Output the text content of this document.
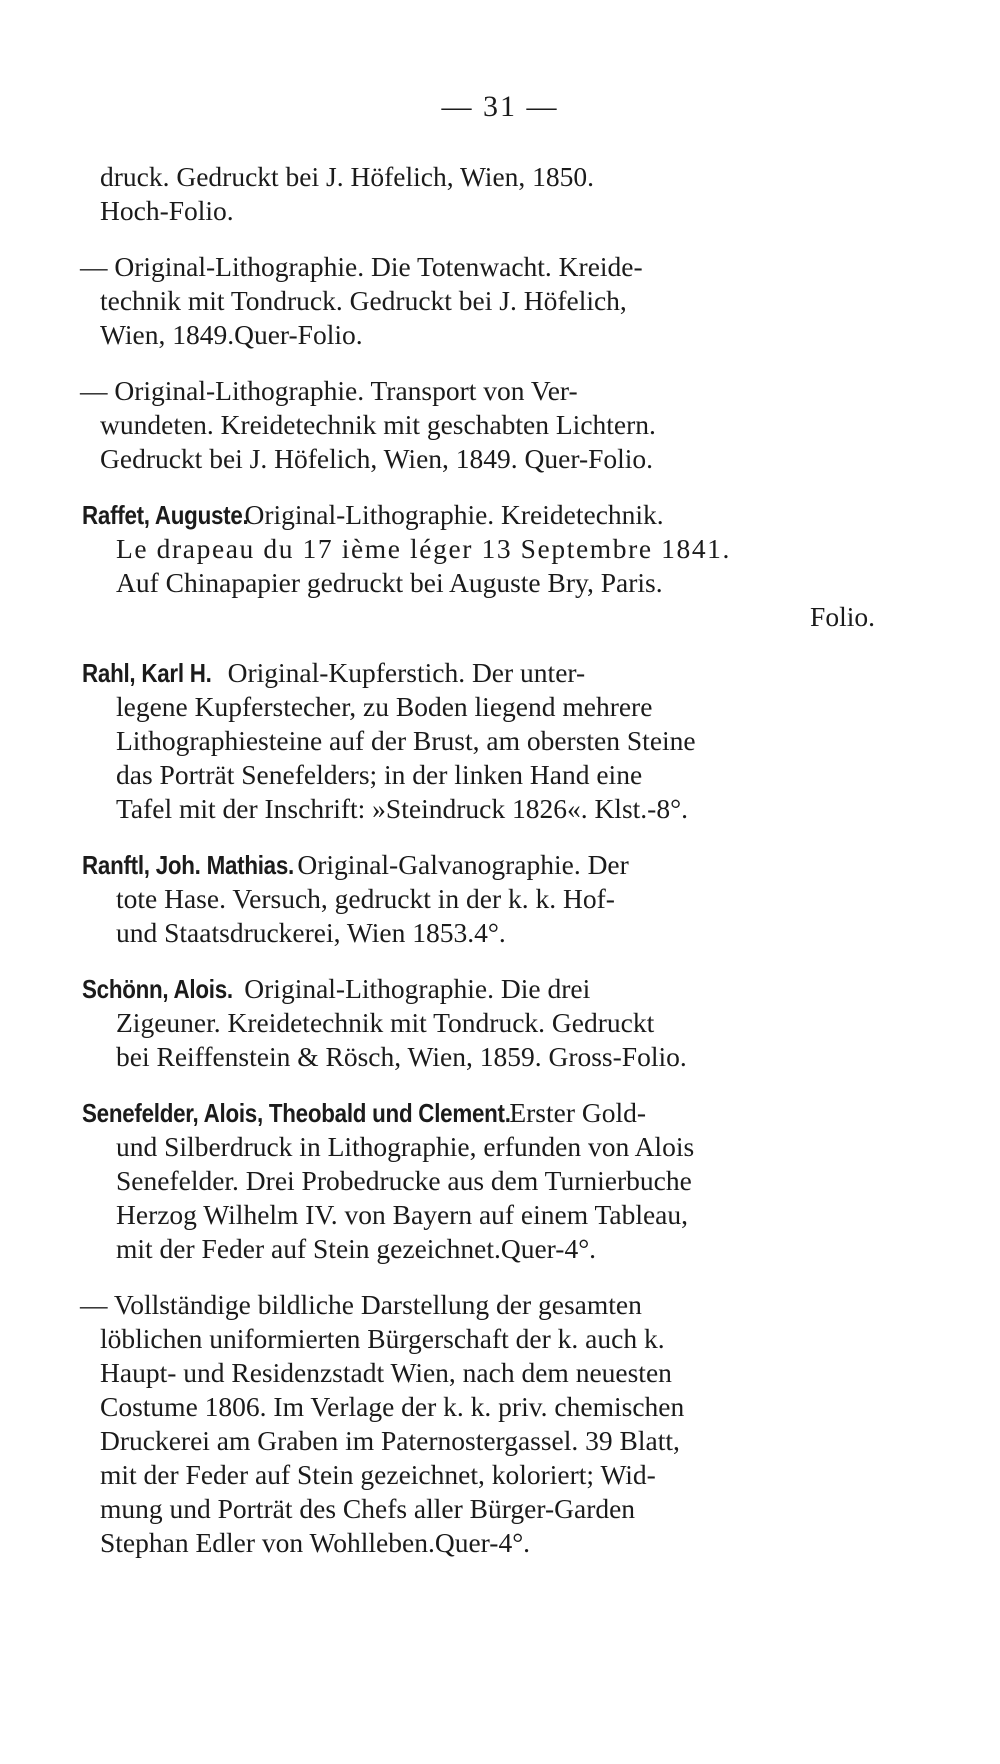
— 31 —
druck. Gedruckt bei J. Höfelich, Wien, 1850.
Hoch-Folio.
— Original-Lithographie. Die Totenwacht. Kreide-
technik mit Tondruck. Gedruckt bei J. Höfelich,
Wien, 1849.Quer-Folio.
— Original-Lithographie. Transport von Ver-
wundeten. Kreidetechnik mit geschabten Lichtern.
Gedruckt bei J. Höfelich, Wien, 1849. Quer-Folio.
Raffet, Auguste. Original-Lithographie. Kreidetechnik.
Le drapeau du 17 ième léger 13 Septembre 1841.
Auf Chinapapier gedruckt bei Auguste Bry, Paris.
Folio.
Rahl, Karl H. Original-Kupferstich. Der unter-
legene Kupferstecher, zu Boden liegend mehrere
Lithographiesteine auf der Brust, am obersten Steine
das Porträt Senefelders; in der linken Hand eine
Tafel mit der Inschrift: »Steindruck 1826«. Klst.-8°.
Ranftl, Joh. Mathias. Original-Galvanographie. Der
tote Hase. Versuch, gedruckt in der k. k. Hof-
und Staatsdruckerei, Wien 1853.4°.
Schönn, Alois. Original-Lithographie. Die drei
Zigeuner. Kreidetechnik mit Tondruck. Gedruckt
bei Reiffenstein & Rösch, Wien, 1859. Gross-Folio.
Senefelder, Alois, Theobald und Clement. Erster Gold-
und Silberdruck in Lithographie, erfunden von Alois
Senefelder. Drei Probedrucke aus dem Turnierbuche
Herzog Wilhelm IV. von Bayern auf einem Tableau,
mit der Feder auf Stein gezeichnet.Quer-4°.
— Vollständige bildliche Darstellung der gesamten
löblichen uniformierten Bürgerschaft der k. auch k.
Haupt- und Residenzstadt Wien, nach dem neuesten
Costume 1806. Im Verlage der k. k. priv. chemischen
Druckerei am Graben im Paternostergassel. 39 Blatt,
mit der Feder auf Stein gezeichnet, koloriert; Wid-
mung und Porträt des Chefs aller Bürger-Garden
Stephan Edler von Wohlleben.Quer-4°.
